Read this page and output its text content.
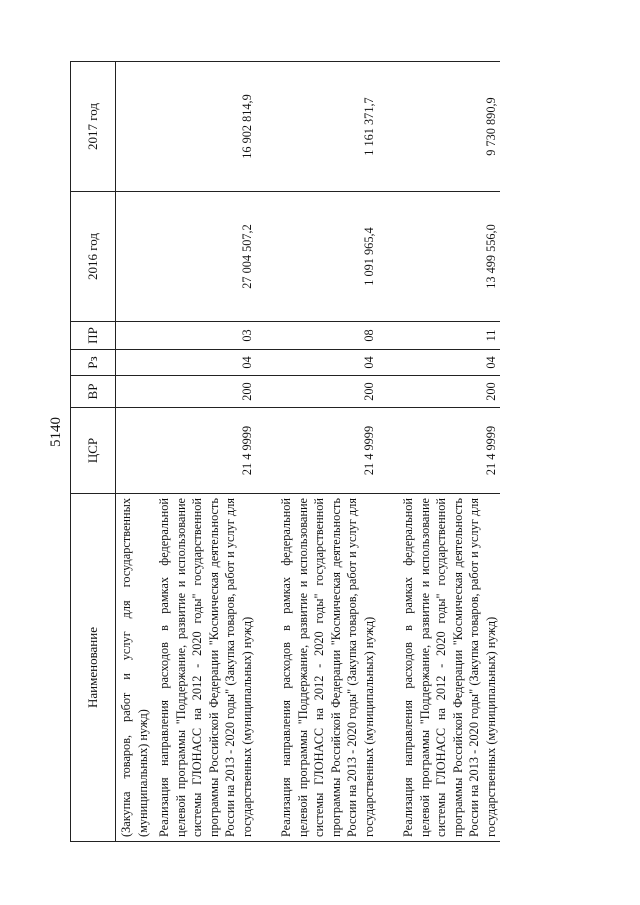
5140
Наименование	ЦСР	ВР	Рз	ПР	2016 год	2017 год
(Закупка товаров, работ и услуг для государственных (муниципальных) нужд)						
Реализация направления расходов в рамках федеральной целевой программы "Поддержание, развитие и использование системы ГЛОНАСС на 2012 - 2020 годы" государственной программы Российской Федерации "Космическая деятельность России на 2013 - 2020 годы" (Закупка товаров, работ и услуг для государственных (муниципальных) нужд)	21 4 9999	200	04	03	27 004 507,2	16 902 814,9
Реализация направления расходов в рамках федеральной целевой программы "Поддержание, развитие и использование системы ГЛОНАСС на 2012 - 2020 годы" государственной программы Российской Федерации "Космическая деятельность России на 2013 - 2020 годы" (Закупка товаров, работ и услуг для государственных (муниципальных) нужд)	21 4 9999	200	04	08	1 091 965,4	1 161 371,7
Реализация направления расходов в рамках федеральной целевой программы "Поддержание, развитие и использование системы ГЛОНАСС на 2012 - 2020 годы" государственной программы Российской Федерации "Космическая деятельность России на 2013 - 2020 годы" (Закупка товаров, работ и услуг для государственных (муниципальных) нужд)	21 4 9999	200	04	11	13 499 556,0	9 730 890,9
